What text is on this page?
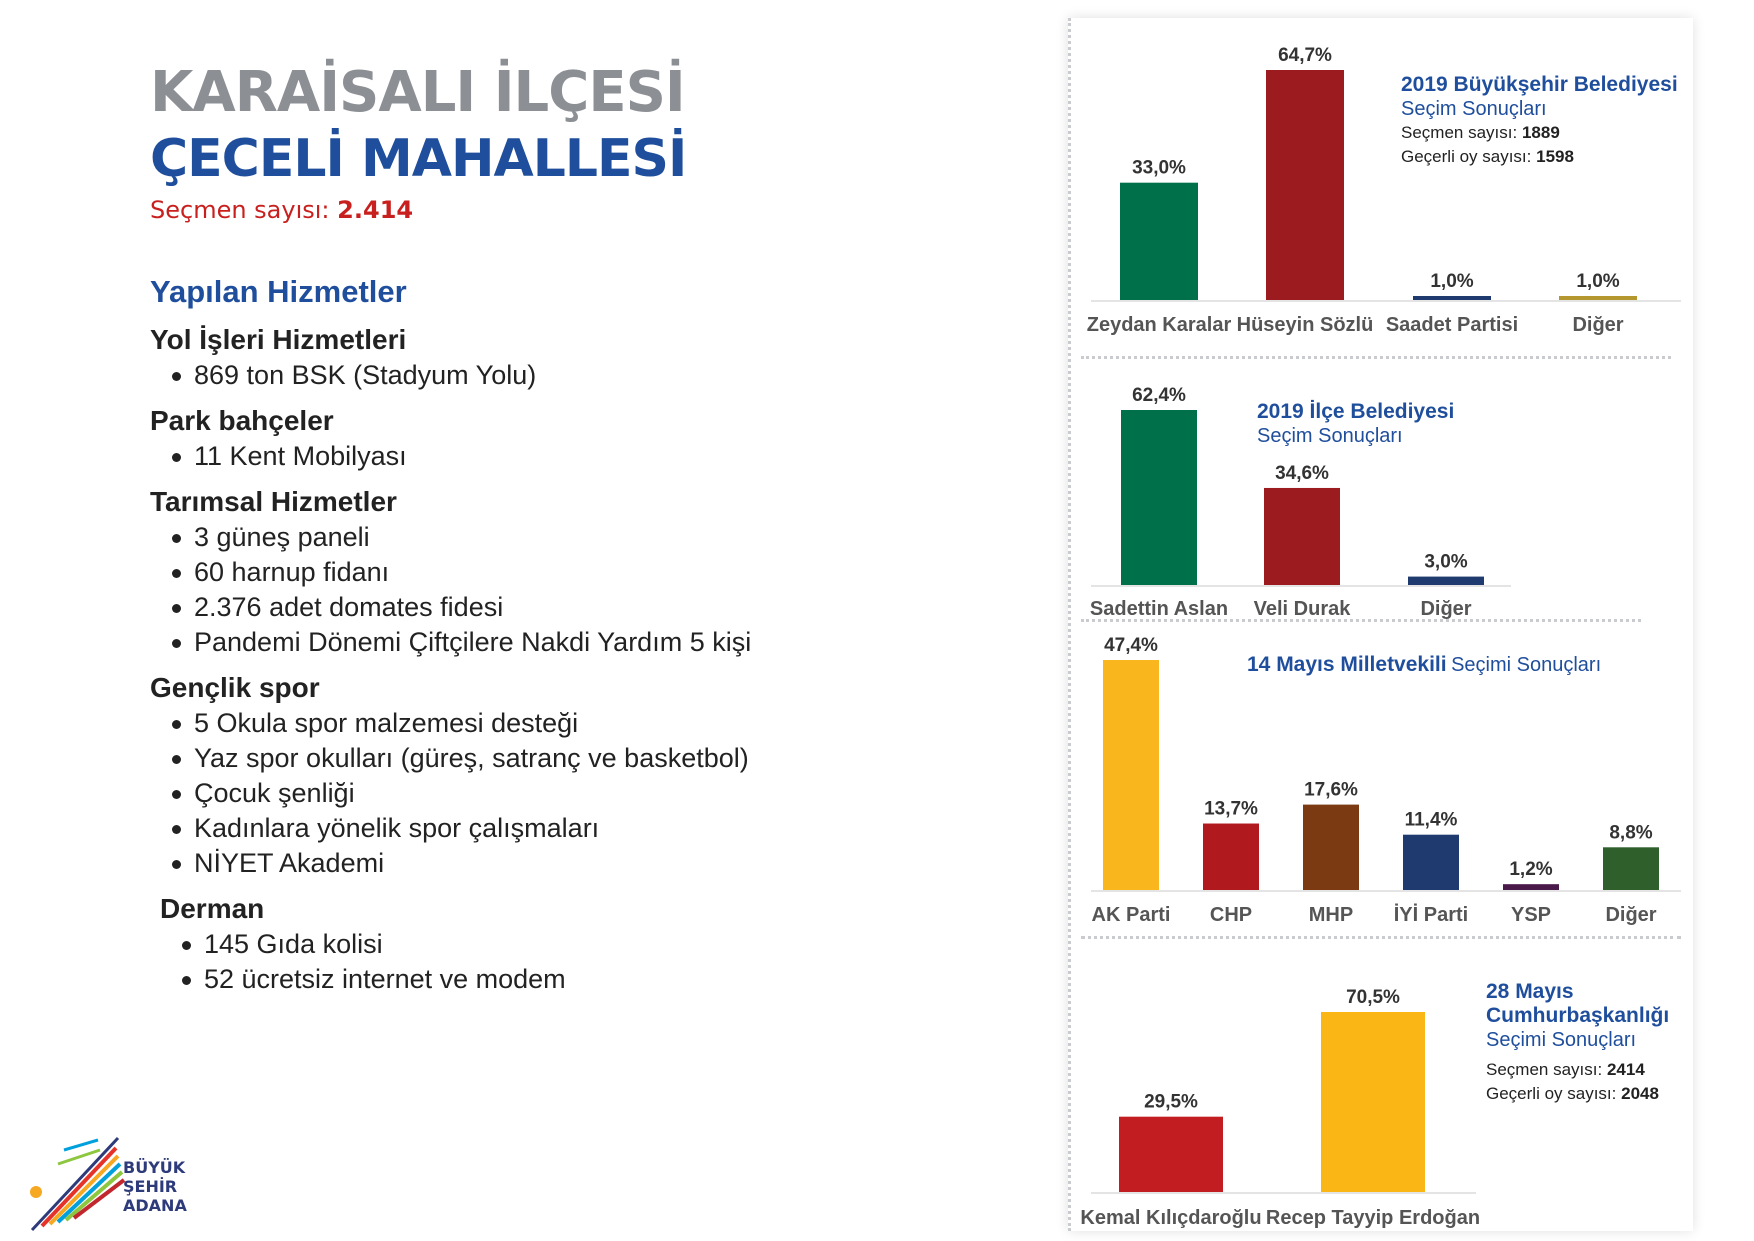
KARAİSALI İLÇESİ
ÇECELİ MAHALLESİ
Seçmen sayısı: 2.414
Yapılan Hizmetler
Yol İşleri Hizmetleri
869 ton BSK (Stadyum Yolu)
Park bahçeler
11 Kent Mobilyası
Tarımsal Hizmetler
3 güneş paneli
60 harnup fidanı
2.376 adet domates fidesi
Pandemi Dönemi Çiftçilere Nakdi Yardım 5 kişi
Gençlik spor
5 Okula spor malzemesi desteği
Yaz spor okulları (güreş, satranç ve basketbol)
Çocuk şenliği
Kadınlara yönelik spor çalışmaları
NİYET Akademi
Derman
145 Gıda kolisi
52 ücretsiz internet ve modem
BÜYÜK
ŞEHİR
ADANA
33,0%
Zeydan Karalar
64,7%
Hüseyin Sözlü
1,0%
Saadet Partisi
1,0%
Diğer
2019 Büyükşehir Belediyesi
Seçim Sonuçları
Seçmen sayısı: 1889
Geçerli oy sayısı: 1598
62,4%
Sadettin Aslan
34,6%
Veli Durak
3,0%
Diğer
2019 İlçe Belediyesi
Seçim Sonuçları
47,4%
AK Parti
13,7%
CHP
17,6%
MHP
11,4%
İYİ Parti
1,2%
YSP
8,8%
Diğer
14 Mayıs Milletvekili Seçimi Sonuçları
29,5%
Kemal Kılıçdaroğlu
70,5%
Recep Tayyip Erdoğan
28 Mayıs Cumhurbaşkanlığı
Seçimi Sonuçları
Seçmen sayısı: 2414
Geçerli oy sayısı: 2048
